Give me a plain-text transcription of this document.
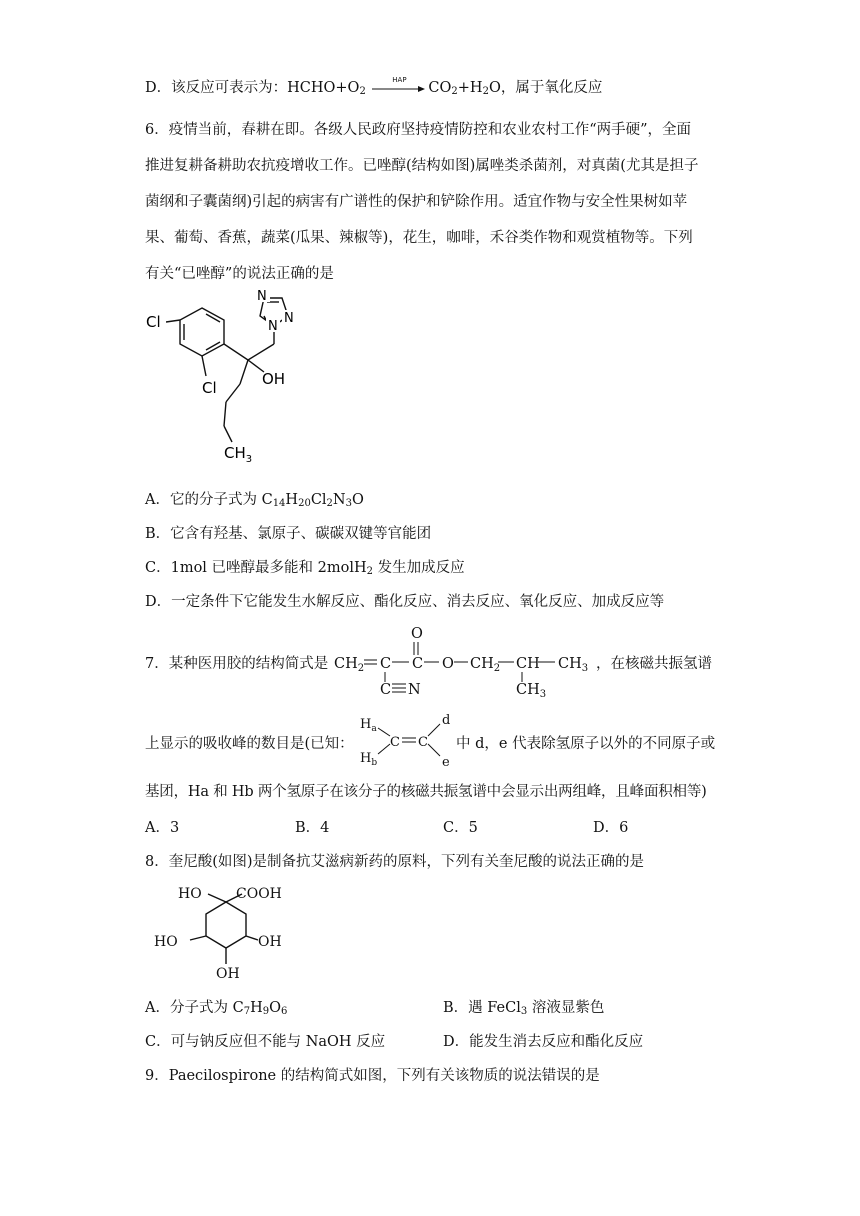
D．该反应可表示为：$HCHO+O_2$
HAP	$CO_2+H_2O$，属于氧化反应
6．疫情当前，春耕在即。各级人民政府坚持疫情防控和农业农村工作“两手硬”，全面
推进复耕备耕助农抗疫增收工作。已唑醇(结构如图)属唑类杀菌剂，对真菌(尤其是担子
菌纲和子囊菌纲)引起的病害有广谱性的保护和铲除作用。适宜作物与安全性果树如苹
果、葡萄、香蕉，蔬菜(瓜果、辣椒等)，花生，咖啡，禾谷类作物和观赏植物等。下列
有关“已唑醇”的说法正确的是
Cl
Cl	OH
$CH_3$
N
N
N
A．它的分子式为 $C_{14}H_{20}Cl_2N_3O$
B．它含有羟基、氯原子、碳碳双键等官能团
C．1mol 已唑醇最多能和 2molH$_2$ 发生加成反应
D．一定条件下它能发生水解反应、酯化反应、消去反应、氧化反应、加成反应等
7．某种医用胶的结构简式是 $CH_2$ C C
O
O $CH_2$ CH $CH_3$
C N	$CH_3$
，在核磁共振氢谱
上显示的吸收峰的数目是(已知：
$H_a$
$H_b$
C C
d
e
中 d，e 代表除氢原子以外的不同原子或
基团，Ha 和 Hb 两个氢原子在该分子的核磁共振氢谱中会显示出两组峰，且峰面积相等)
A．3	B．4	C．5	D．6
8．奎尼酸(如图)是制备抗艾滋病新药的原料，下列有关奎尼酸的说法正确的是
HO COOH
HO	OH
OH
A．分子式为 $C_7H_9O_6$	B．遇 FeCl$_3$ 溶液显紫色
C．可与钠反应但不能与 NaOH 反应	D．能发生消去反应和酯化反应
9．Paecilospirone 的结构简式如图，下列有关该物质的说法错误的是
